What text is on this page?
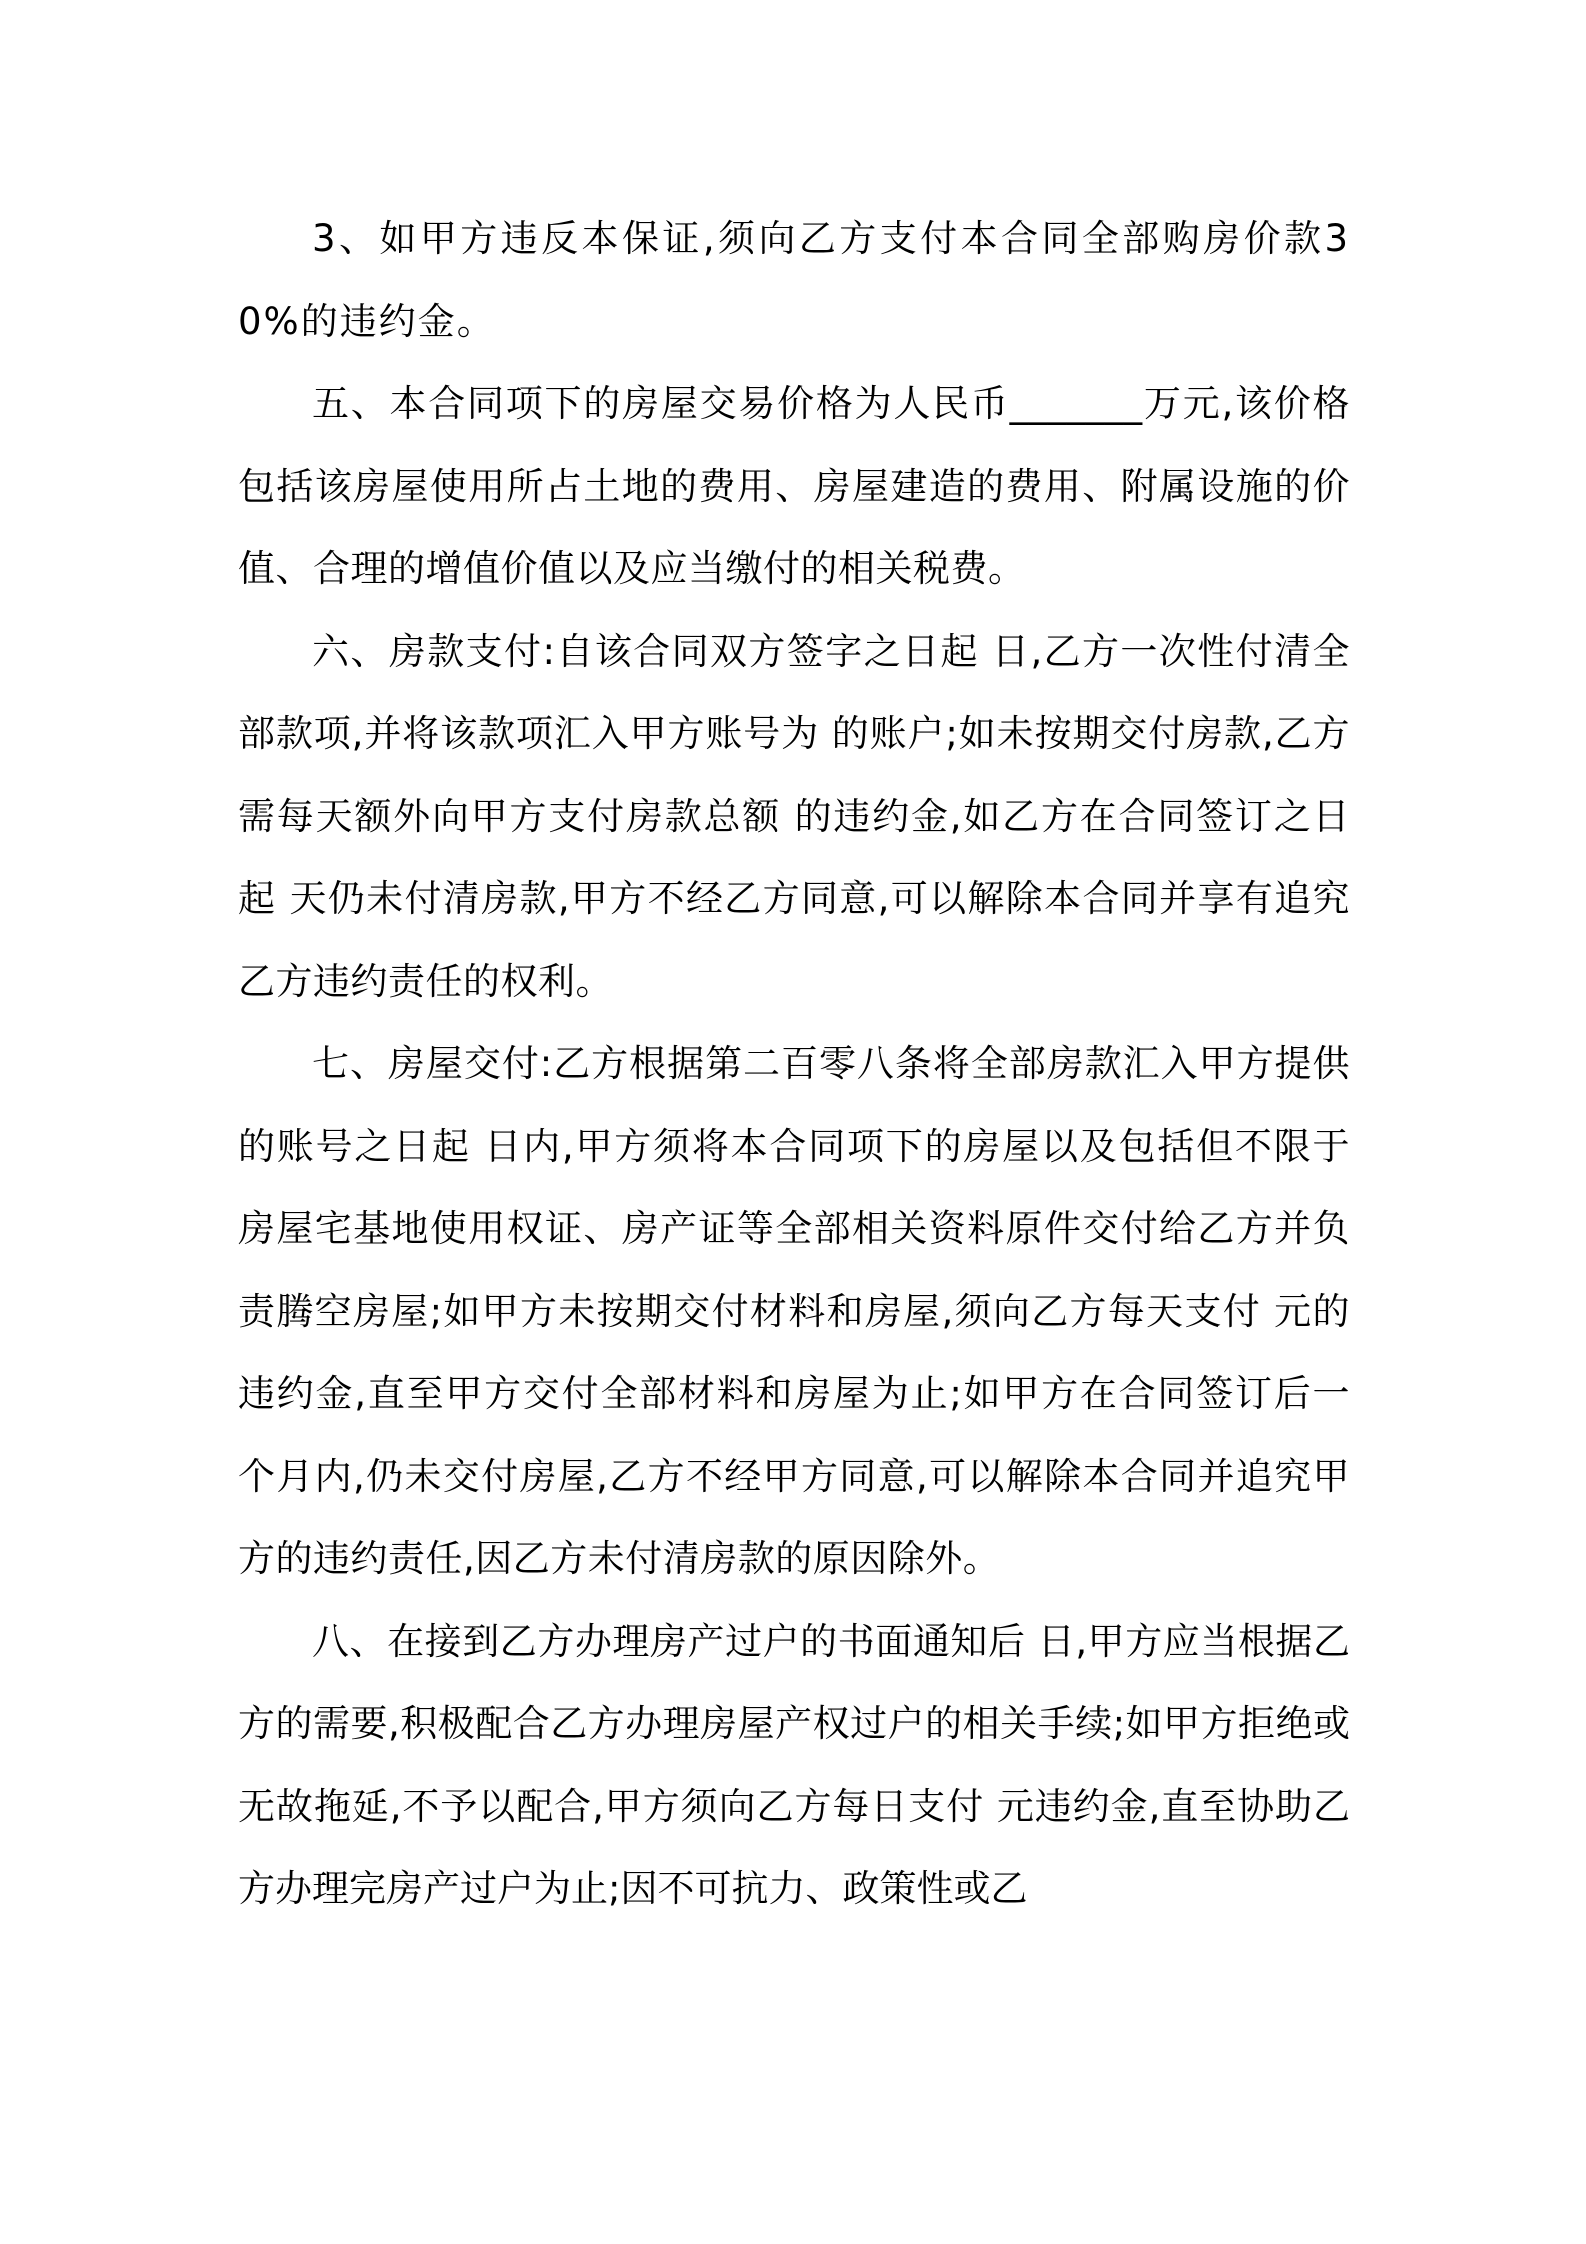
3、如甲方违反本保证,须向乙方支付本合同全部购房价款30%的违约金。

五、本合同项下的房屋交易价格为人民币_______万元,该价格包括该房屋使用所占土地的费用、房屋建造的费用、附属设施的价值、合理的增值价值以及应当缴付的相关税费。

六、房款支付:自该合同双方签字之日起 日,乙方一次性付清全部款项,并将该款项汇入甲方账号为 的账户;如未按期交付房款,乙方需每天额外向甲方支付房款总额 的违约金,如乙方在合同签订之日起 天仍未付清房款,甲方不经乙方同意,可以解除本合同并享有追究乙方违约责任的权利。

七、房屋交付:乙方根据第二百零八条将全部房款汇入甲方提供的账号之日起 日内,甲方须将本合同项下的房屋以及包括但不限于房屋宅基地使用权证、房产证等全部相关资料原件交付给乙方并负责腾空房屋;如甲方未按期交付材料和房屋,须向乙方每天支付 元的违约金,直至甲方交付全部材料和房屋为止;如甲方在合同签订后一个月内,仍未交付房屋,乙方不经甲方同意,可以解除本合同并追究甲方的违约责任,因乙方未付清房款的原因除外。

八、在接到乙方办理房产过户的书面通知后 日,甲方应当根据乙方的需要,积极配合乙方办理房屋产权过户的相关手续;如甲方拒绝或无故拖延,不予以配合,甲方须向乙方每日支付 元违约金,直至协助乙方办理完房产过户为止;因不可抗力、政策性或乙
